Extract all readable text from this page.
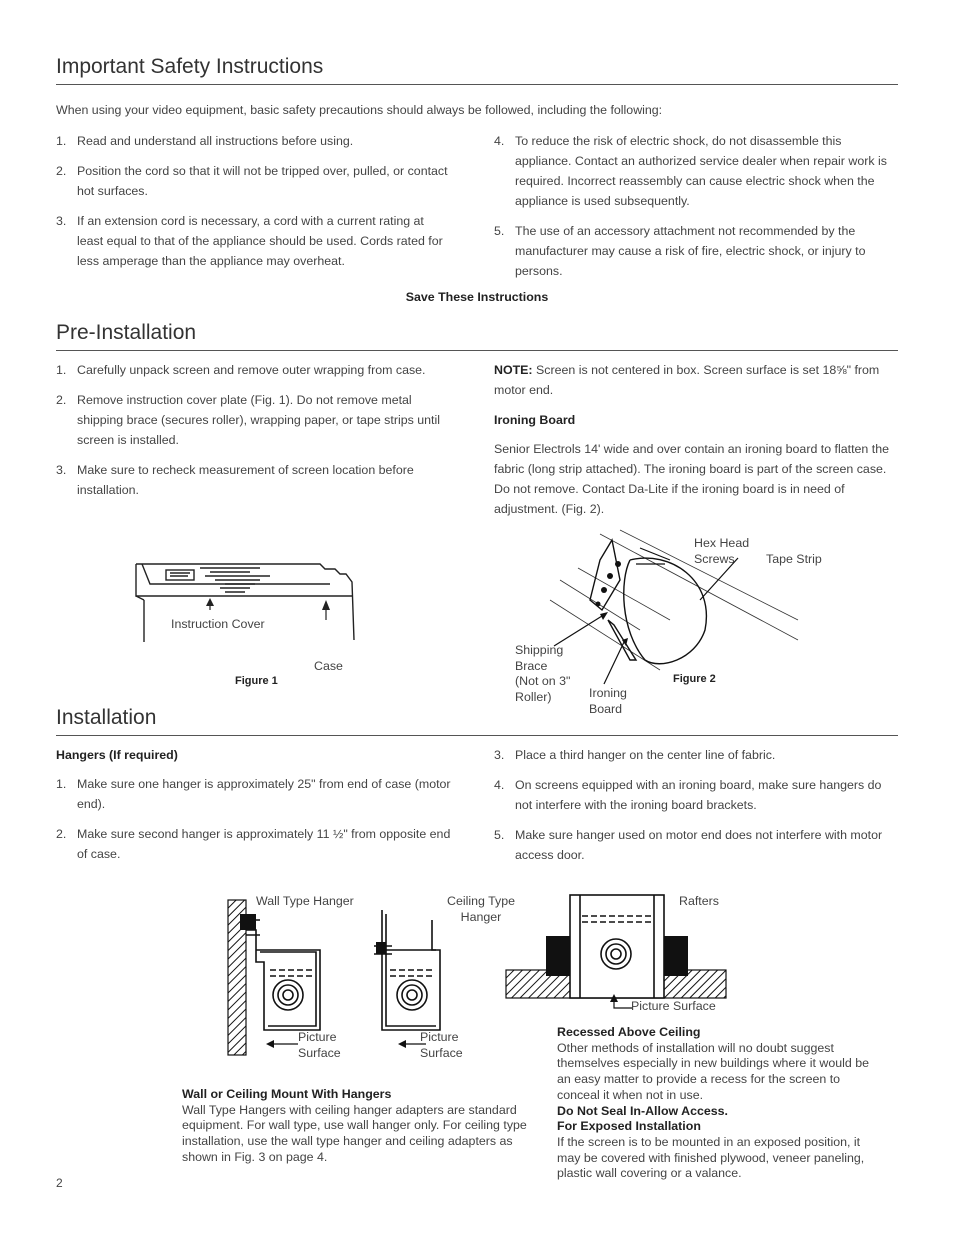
Important Safety Instructions
When using your video equipment, basic safety precautions should always be followed, including the following:
1. Read and understand all instructions before using.
2. Position the cord so that it will not be tripped over, pulled, or contact hot surfaces.
3. If an extension cord is necessary, a cord with a current rating at least equal to that of the appliance should be used. Cords rated for less amperage than the appliance may overheat.
4. To reduce the risk of electric shock, do not disassemble this appliance. Contact an authorized service dealer when repair work is required. Incorrect reassembly can cause electric shock when the appliance is used subsequently.
5. The use of an accessory attachment not recommended by the manufacturer may cause a risk of fire, electric shock, or injury to persons.
Save These Instructions
Pre-Installation
1. Carefully unpack screen and remove outer wrapping from case.
2. Remove instruction cover plate (Fig. 1). Do not remove metal shipping brace (secures roller), wrapping paper, or tape strips until screen is installed.
3. Make sure to recheck measurement of screen location before installation.

NOTE: Screen is not centered in box. Screen surface is set 18⅝" from motor end.

Ironing Board

Senior Electrols 14' wide and over contain an ironing board to flatten the fabric (long strip attached). The ironing board is part of the screen case. Do not remove. Contact Da-Lite if the ironing board is in need of adjustment. (Fig. 2).

Instruction Cover
Case
Figure 1
Hex Head
Screws	Tape Strip
Shipping
Brace
(Not on 3"
Roller)	Ironing
Board
Figure 2
Installation
Hangers (If required)
1. Make sure one hanger is approximately 25" from end of case (motor end).
2. Make sure second hanger is approximately 11 ½" from opposite end of case.
3. Place a third hanger on the center line of fabric.
4. On screens equipped with an ironing board, make sure hangers do not interfere with the ironing board brackets.
5. Make sure hanger used on motor end does not interfere with motor access door.
Wall Type Hanger	Ceiling Type
Hanger
Rafters
Picture
Surface
Picture
Surface
Picture Surface
Wall or Ceiling Mount With Hangers
Wall Type Hangers with ceiling hanger adapters are standard equipment. For wall type, use wall hanger only. For ceiling type installation, use the wall type hanger and ceiling adapters as shown in Fig. 3 on page 4.
Recessed Above Ceiling
Other methods of installation will no doubt suggest themselves especially in new buildings where it would be an easy matter to provide a recess for the screen to conceal it when not in use.
Do Not Seal In-Allow Access.
For Exposed Installation
If the screen is to be mounted in an exposed position, it may be covered with finished plywood, veneer paneling, plastic wall covering or a valance.
2
